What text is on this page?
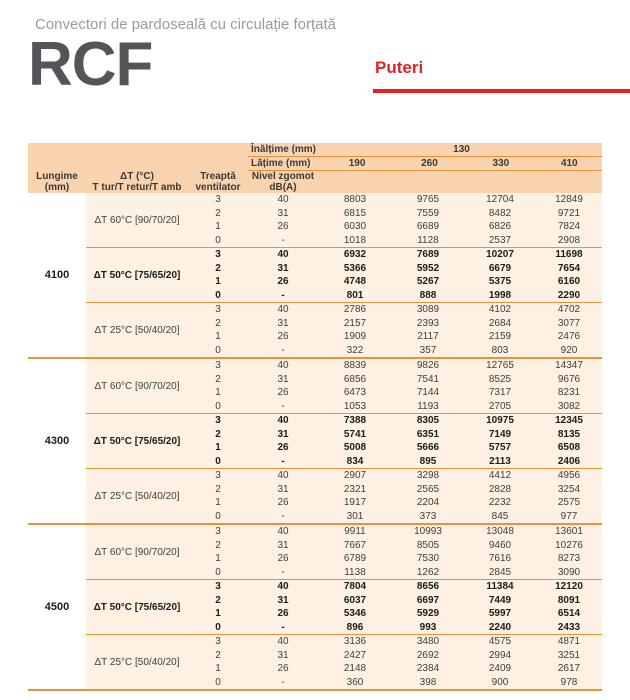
Convectori de pardoseală cu circulație forțată
RCF	Puteri
Înălțime (mm)	130
Lățime (mm)	190	260	330	410
Lungime
(mm)
ΔT (°C)
T tur/T retur/T amb
Treaptă
ventilator
Nivel zgomot
dB(A)
4100
ΔT 60°C [90/70/20]
3	40	8803	9765	12704	12849
2	31	6815	7559	8482	9721
1	26	6030	6689	6826	7824
0	-	1018	1128	2537	2908
ΔT 50°C [75/65/20]
3	40	6932	7689	10207	11698
2	31	5366	5952	6679	7654
1	26	4748	5267	5375	6160
0	-	801	888	1998	2290
ΔT 25°C [50/40/20]
3	40	2786	3089	4102	4702
2	31	2157	2393	2684	3077
1	26	1909	2117	2159	2476
0	-	322	357	803	920
4300
ΔT 60°C [90/70/20]
3	40	8839	9826	12765	14347
2	31	6856	7541	8525	9676
1	26	6473	7144	7317	8231
0	-	1053	1193	2705	3082
ΔT 50°C [75/65/20]
3	40	7388	8305	10975	12345
2	31	5741	6351	7149	8135
1	26	5008	5666	5757	6508
0	-	834	895	2113	2406
ΔT 25°C [50/40/20]
3	40	2907	3298	4412	4956
2	31	2321	2565	2828	3254
1	26	1917	2204	2232	2575
0	-	301	373	845	977
4500
ΔT 60°C [90/70/20]
3	40	9911	10993	13048	13601
2	31	7667	8505	9460	10276
1	26	6789	7530	7616	8273
0	-	1138	1262	2845	3090
ΔT 50°C [75/65/20]
3	40	7804	8656	11384	12120
2	31	6037	6697	7449	8091
1	26	5346	5929	5997	6514
0	-	896	993	2240	2433
ΔT 25°C [50/40/20]
3	40	3136	3480	4575	4871
2	31	2427	2692	2994	3251
1	26	2148	2384	2409	2617
0	-	360	398	900	978
